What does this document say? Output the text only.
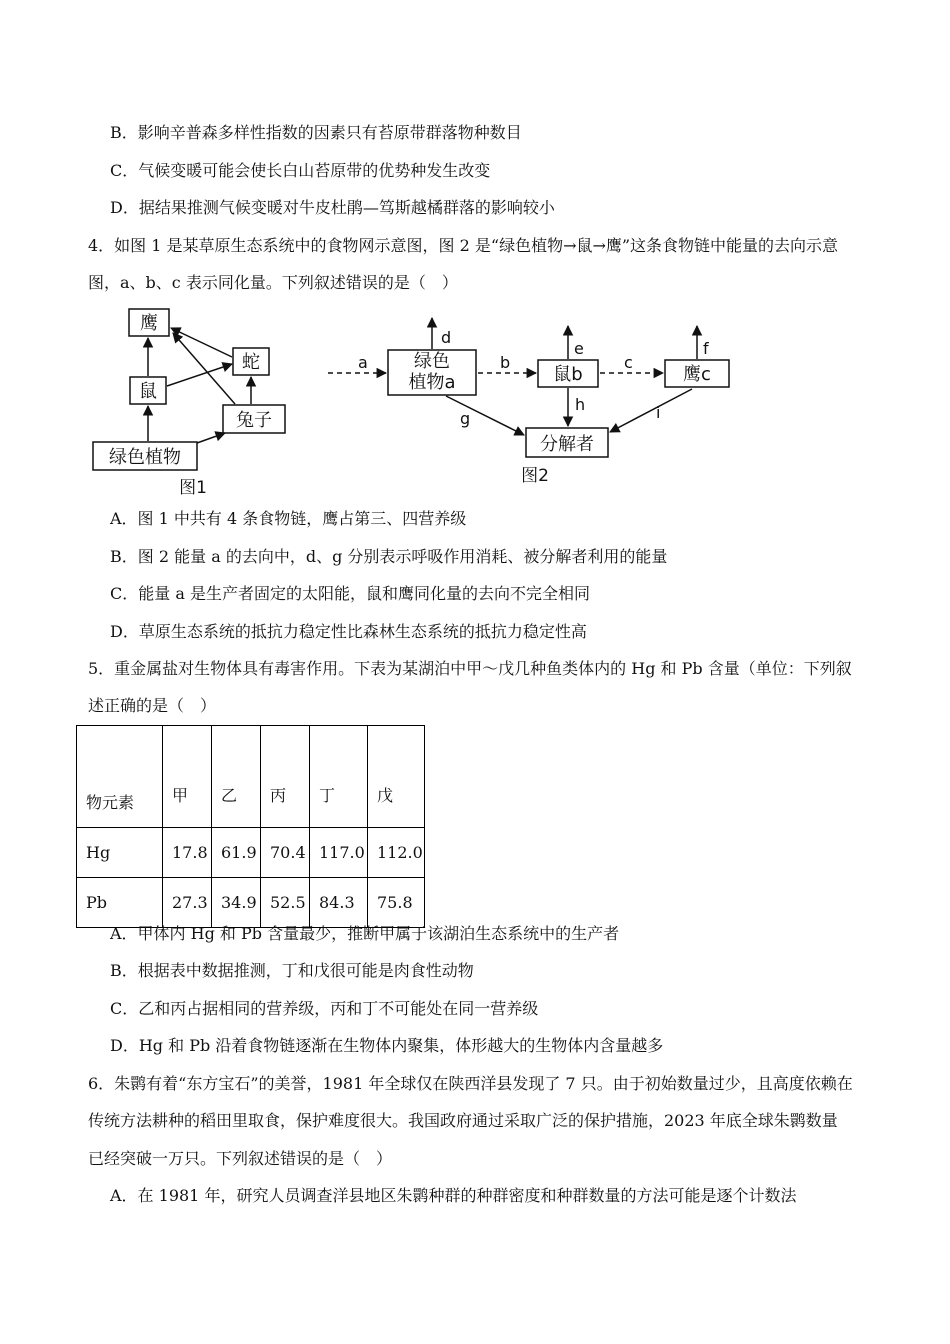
B．影响辛普森多样性指数的因素只有苔原带群落物种数目
C．气候变暖可能会使长白山苔原带的优势种发生改变
D．据结果推测气候变暖对牛皮杜鹃—笃斯越橘群落的影响较小
4．如图 1 是某草原生态系统中的食物网示意图，图 2 是“绿色植物→鼠→鹰”这条食物链中能量的去向示意
图，a、b、c 表示同化量。下列叙述错误的是（　）
鹰
蛇
鼠
兔子
绿色植物
图1
绿色
植物a	鼠b	鹰c
分解者
a	b	c
d
e	f
g
h	i
图2
A．图 1 中共有 4 条食物链，鹰占第三、四营养级
B．图 2 能量 a 的去向中，d、g 分别表示呼吸作用消耗、被分解者利用的能量
C．能量 a 是生产者固定的太阳能，鼠和鹰同化量的去向不完全相同
D．草原生态系统的抵抗力稳定性比森林生态系统的抵抗力稳定性高
5．重金属盐对生物体具有毒害作用。下表为某湖泊中甲～戊几种鱼类体内的 Hg 和 Pb 含量（单位：下列叙
述正确的是（　）
物元素	甲	乙	丙	丁	戊

Hg	17.8	61.9	70.4	117.0	112.0
Pb	27.3	34.9	52.5	84.3	75.8
A．甲体内 Hg 和 Pb 含量最少，推断甲属于该湖泊生态系统中的生产者
B．根据表中数据推测，丁和戊很可能是肉食性动物
C．乙和丙占据相同的营养级，丙和丁不可能处在同一营养级
D．Hg 和 Pb 沿着食物链逐渐在生物体内聚集，体形越大的生物体内含量越多
6．朱鹮有着“东方宝石”的美誉，1981 年全球仅在陕西洋县发现了 7 只。由于初始数量过少，且高度依赖在
传统方法耕种的稻田里取食，保护难度很大。我国政府通过采取广泛的保护措施，2023 年底全球朱鹮数量
已经突破一万只。下列叙述错误的是（　）
A．在 1981 年，研究人员调查洋县地区朱鹮种群的种群密度和种群数量的方法可能是逐个计数法
